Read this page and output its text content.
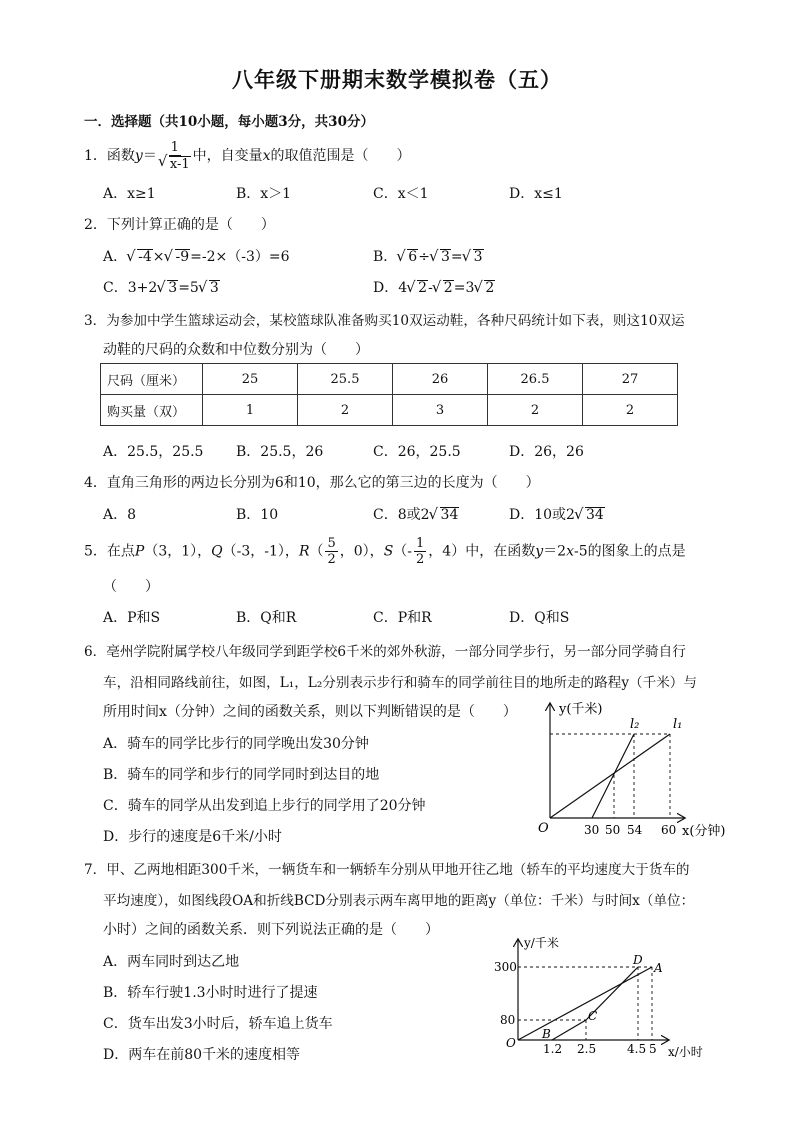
八年级下册期末数学模拟卷（五）
一．选择题（共10小题，每小题3分，共30分）
1．函数y＝ 1
√ x-1 中，自变量x的取值范围是（　　）
A．x≥1	B．x＞1	C．x＜1	D．x≤1
2．下列计算正确的是（　　）
A． √ -4× √ -9=-2×（-3）=6	B． √ 6÷ √ 3= √ 3
C．3+2 √ 3=5 √ 3	D．4 √ 2- √ 2=3 √ 2
3．为参加中学生篮球运动会，某校篮球队准备购买10双运动鞋，各种尺码统计如下表，则这10双运
动鞋的尺码的众数和中位数分别为（　　）
尺码（厘米）	25	25.5	26	26.5	27
购买量（双）	1	2	3	2	2
A．25.5，25.5 B．25.5，26	C．26，25.5	D．26，26
4．直角三角形的两边长分别为6和10，那么它的第三边的长度为（　　）
A．8	B．10	C．8或2 √ 34	D．10或2 √ 34
5．在点P（3，1），Q（-3，-1），$R( \frac{5}{2}$ ，0），$S(- \frac{1}{2}$ ，4）中，在函数y＝2x-5的图象上的点是
（　　）
A．P和S	B．Q和R	C．P和R	D．Q和S
6．亳州学院附属学校八年级同学到距学校6千米的郊外秋游，一部分同学步行，另一部分同学骑自行
车，沿相同路线前往，如图，L₁，L₂分别表示步行和骑车的同学前往目的地所走的路程y（千米）与
所用时间x（分钟）之间的函数关系，则以下判断错误的是（　　）
A．骑车的同学比步行的同学晚出发30分钟
B．骑车的同学和步行的同学同时到达目的地
C．骑车的同学从出发到追上步行的同学用了20分钟
D．步行的速度是6千米/小时
y(千米)
x(分钟)
O
l₂	l₁
30 50 54 60
7．甲、乙两地相距300千米，一辆货车和一辆轿车分别从甲地开往乙地（轿车的平均速度大于货车的
平均速度），如图线段OA和折线BCD分别表示两车离甲地的距离y（单位：千米）与时间x（单位：
小时）之间的函数关系．则下列说法正确的是（　　）
A．两车同时到达乙地
B．轿车行驶1.3小时时进行了提速
C．货车出发3小时后，轿车追上货车
D．两车在前80千米的速度相等
y/千米
x/小时
O
300
80
1.2 2.5	4.5 5
D
A
B
C
